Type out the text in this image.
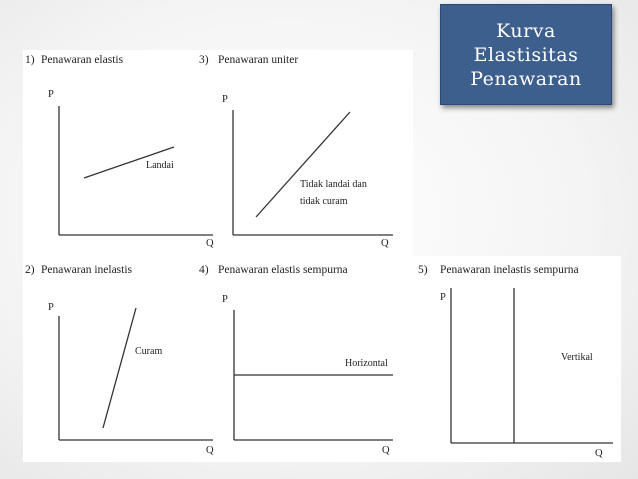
Kurva
Elastisitas
Penawaran
1) Penawaran elastis
P
Q
Landai
3) Penawaran uniter
P
Q
Tidak landai dan
tidak curam
2) Penawaran inelastis
P
Q
Curam
4) Penawaran elastis sempurna
P
Q
Horizontal
5) Penawaran inelastis sempurna
P
Q
Vertikal
